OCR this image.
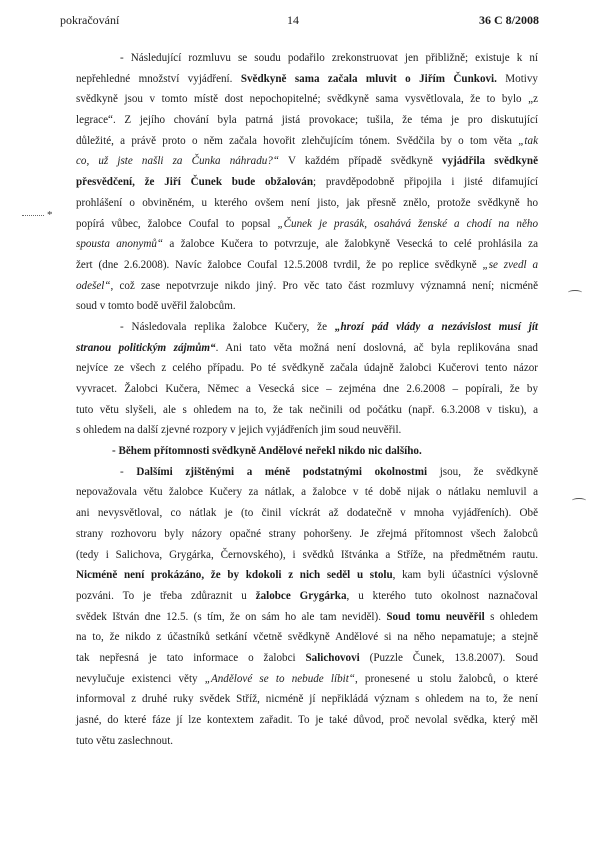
pokračování	14	36 C 8/2008
*
- Následující rozmluvu se soudu podařilo zrekonstruovat jen přibližně; existuje k ní
nepřehledné množství vyjádření. Svědkyně sama začala mluvit o Jiřím Čunkovi. Motivy
svědkyně jsou v tomto místě dost nepochopitelné; svědkyně sama vysvětlovala, že to bylo „z
legrace“. Z jejího chování byla patrná jistá provokace; tušila, že téma je pro diskutující
důležité, a právě proto o něm začala hovořit zlehčujícím tónem. Svědčila by o tom věta „tak
co, už jste našli za Čunka náhradu?“ V každém případě svědkyně vyjádřila svědkyně
přesvědčení, že Jiří Čunek bude obžalován; pravděpodobně připojila i jisté difamující
prohlášení o obviněném, u kterého ovšem není jisto, jak přesně znělo, protože svědkyně ho
popírá vůbec, žalobce Coufal to popsal „Čunek je prasák, osahává ženské a chodí na něho
spousta anonymů“ a žalobce Kučera to potvrzuje, ale žalobkyně Vesecká to celé prohlásila za
žert (dne 2.6.2008). Navíc žalobce Coufal 12.5.2008 tvrdil, že po replice svědkyně „se zvedl a
odešel“, což zase nepotvrzuje nikdo jiný. Pro věc tato část rozmluvy významná není; nicméně
soud v tomto bodě uvěřil žalobcům.
- Následovala replika žalobce Kučery, že „hrozí pád vlády a nezávislost musí jít
stranou politickým zájmům“. Ani tato věta možná není doslovná, ač byla replikována snad
nejvíce ze všech z celého případu. Po té svědkyně začala údajně žalobci Kučerovi tento názor
vyvracet. Žalobci Kučera, Němec a Vesecká sice – zejména dne 2.6.2008 – popírali, že by
tuto větu slyšeli, ale s ohledem na to, že tak nečinili od počátku (např. 6.3.2008 v tisku), a
s ohledem na další zjevné rozpory v jejich vyjádřeních jim soud neuvěřil.
- Během přítomnosti svědkyně Andělové neřekl nikdo nic dalšího.
- Dalšími zjištěnými a méně podstatnými okolnostmi jsou, že svědkyně
nepovažovala větu žalobce Kučery za nátlak, a žalobce v té době nijak o nátlaku nemluvil a
ani nevysvětloval, co nátlak je (to činil víckrát až dodatečně v mnoha vyjádřeních). Obě
strany rozhovoru byly názory opačné strany pohoršeny. Je zřejmá přítomnost všech žalobců
(tedy i Salichova, Grygárka, Černovského), i svědků Ištvánka a Stříže, na předmětném rautu.
Nicméně není prokázáno, že by kdokoli z nich seděl u stolu, kam byli účastníci výslovně
pozváni. To je třeba zdůraznit u žalobce Grygárka, u kterého tuto okolnost naznačoval
svědek Ištván dne 12.5. (s tím, že on sám ho ale tam neviděl). Soud tomu neuvěřil s ohledem
na to, že nikdo z účastníků setkání včetně svědkyně Andělové si na něho nepamatuje; a stejně
tak nepřesná je tato informace o žalobci Salichovovi (Puzzle Čunek, 13.8.2007). Soud
nevylučuje existenci věty „Andělové se to nebude líbit“, pronesené u stolu žalobců, o které
informoval z druhé ruky svědek Stříž, nicméně jí nepřikládá význam s ohledem na to, že není
jasné, do které fáze jí lze kontextem zařadit. To je také důvod, proč nevolal svědka, který měl
tuto větu zaslechnout.
